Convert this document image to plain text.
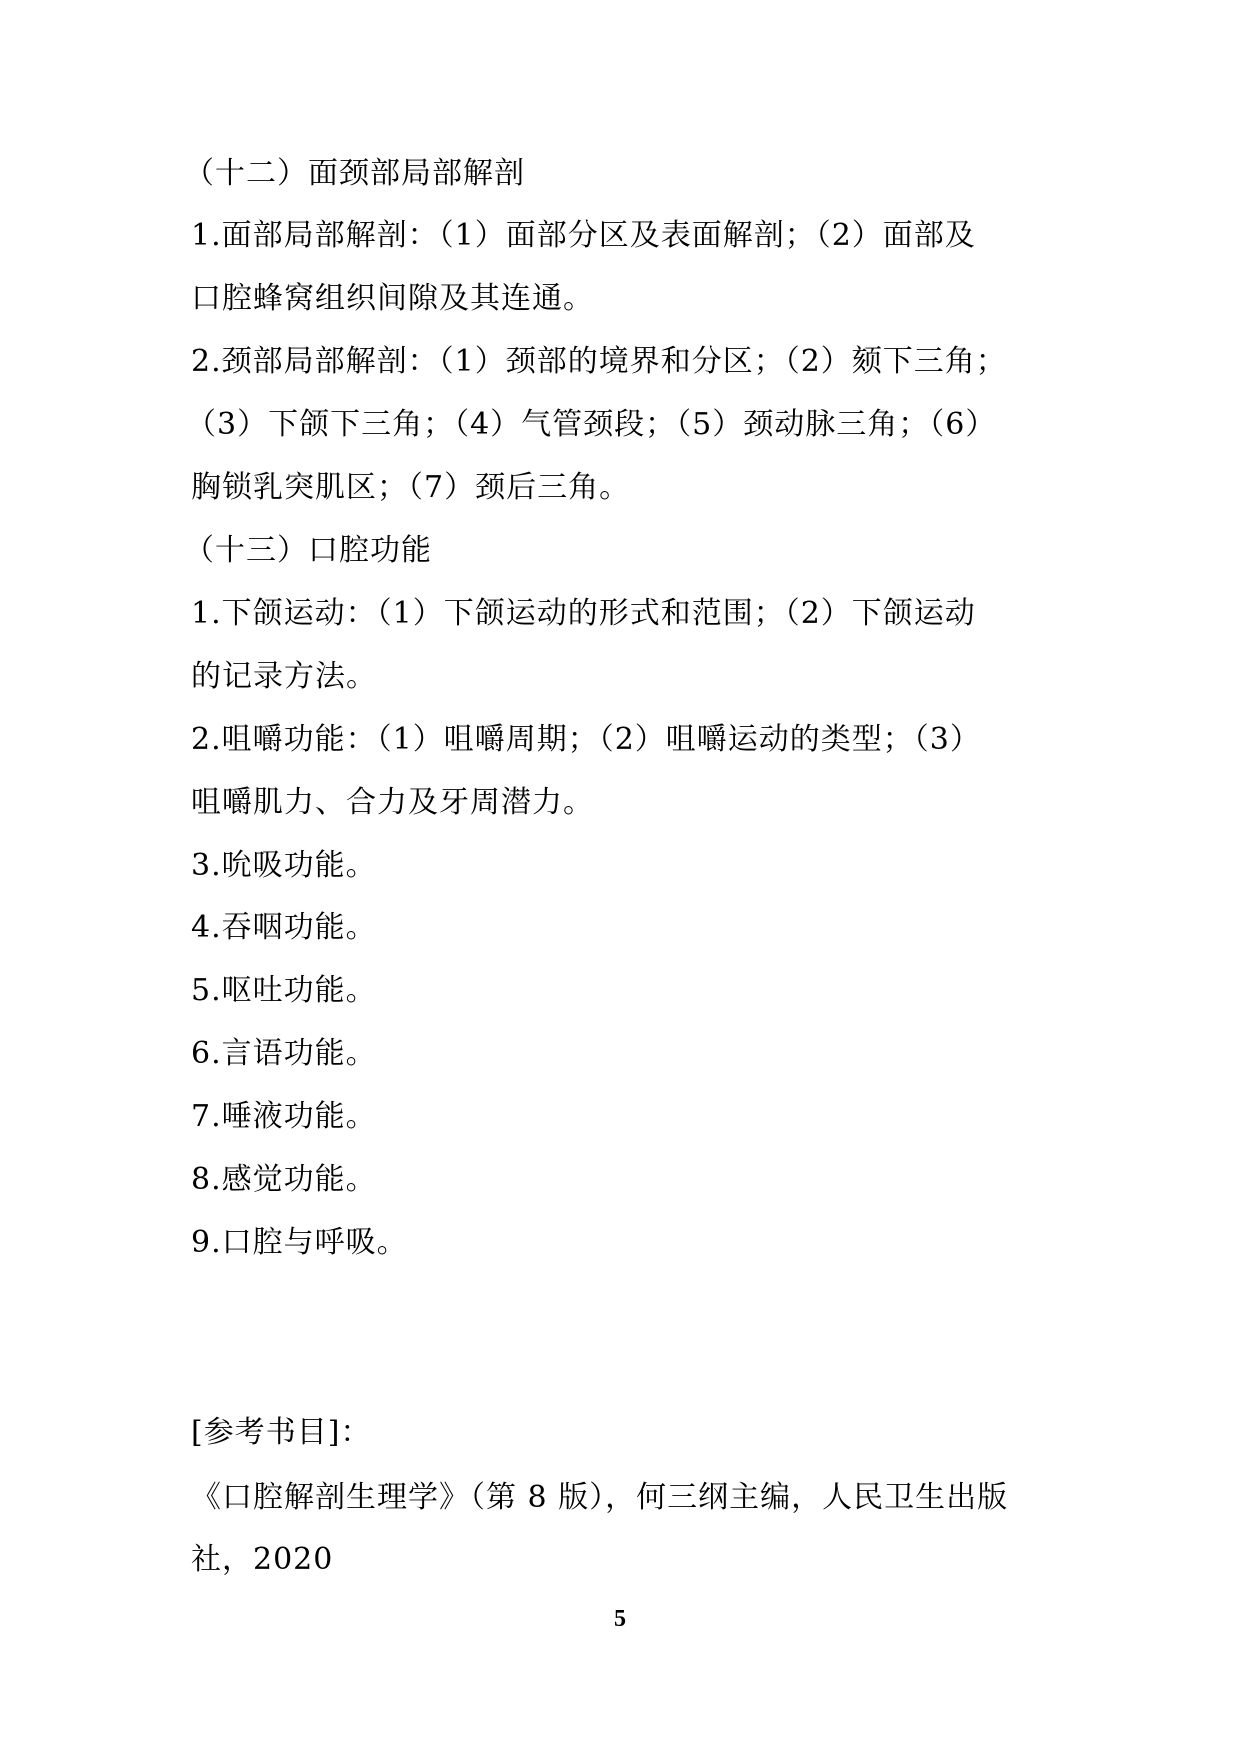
（十二）面颈部局部解剖
1.面部局部解剖：（1）面部分区及表面解剖；（2）面部及
口腔蜂窝组织间隙及其连通。
2.颈部局部解剖：（1）颈部的境界和分区；（2）颏下三角；
（3）下颌下三角；（4）气管颈段；（5）颈动脉三角；（6）
胸锁乳突肌区；（7）颈后三角。
（十三）口腔功能
1.下颌运动：（1）下颌运动的形式和范围；（2）下颌运动
的记录方法。
2.咀嚼功能：（1）咀嚼周期；（2）咀嚼运动的类型；（3）
咀嚼肌力、合力及牙周潜力。
3.吮吸功能。
4.吞咽功能。
5.呕吐功能。
6.言语功能。
7.唾液功能。
8.感觉功能。
9.口腔与呼吸。
[参考书目]：
《口腔解剖生理学》（第 8 版），何三纲主编，人民卫生出版
社，2020
5
